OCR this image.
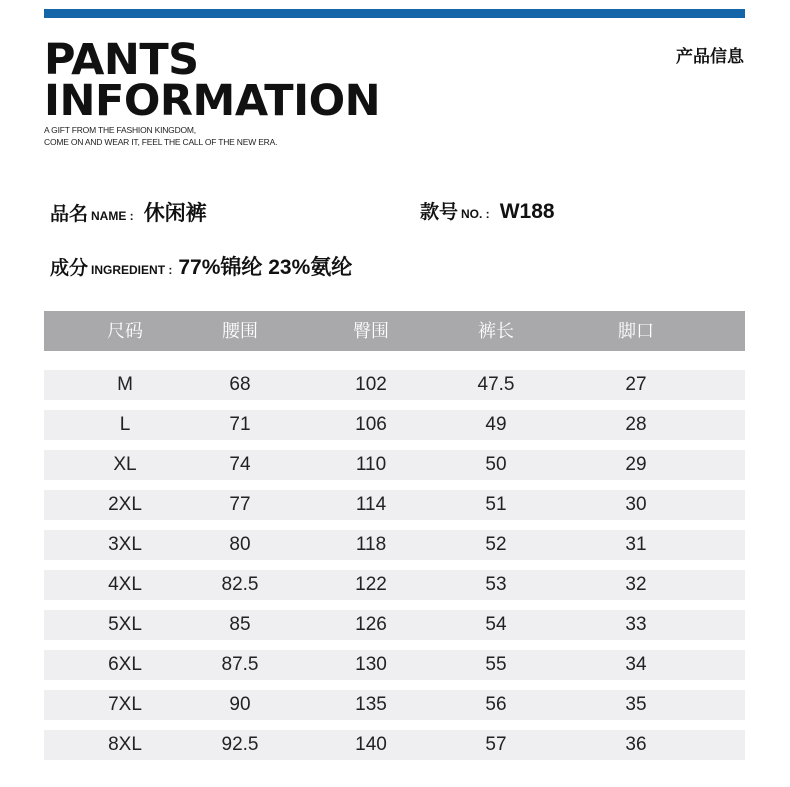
PANTS
INFORMATION
A GIFT FROM THE FASHION KINGDOM,
COME ON AND WEAR IT, FEEL THE CALL OF THE NEW ERA.
产品信息
品名 NAME : 休闲裤	款号 NO. : W188
成分 INGREDIENT : 77%锦纶 23%氨纶
尺码	腰围	臀围	裤长	脚口
M	68	102	47.5	27
L	71	106	49	28
XL	74	110	50	29
2XL	77	114	51	30
3XL	80	118	52	31
4XL	82.5	122	53	32
5XL	85	126	54	33
6XL	87.5	130	55	34
7XL	90	135	56	35
8XL	92.5	140	57	36
